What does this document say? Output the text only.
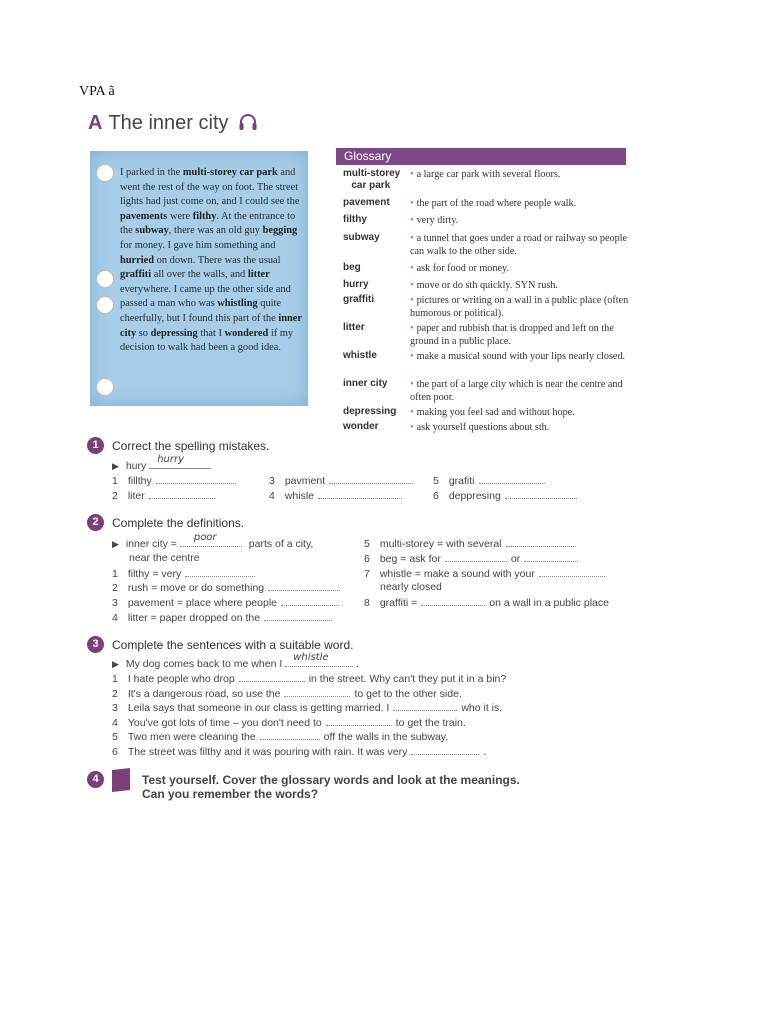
VPA ã
A The inner city
I parked in the multi-storey car park and went the rest of the way on foot. The street lights had just come on, and I could see the pavements were filthy. At the entrance to the subway, there was an old guy begging for money. I gave him something and hurried on down. There was the usual graffiti all over the walls, and litter everywhere. I came up the other side and passed a man who was whistling quite cheerfully, but I found this part of the inner city so depressing that I wondered if my decision to walk had been a good idea.
Glossary
multi-storey
car park
• a large car park with several floors.
pavement • the part of the road where people walk.
filthy	• very dirty.
subway	• a tunnel that goes under a road or railway so people can walk to the other side.
beg	• ask for food or money.
hurry	• move or do sth quickly. SYN rush.
graffiti	• pictures or writing on a wall in a public place (often humorous or political).
litter	• paper and rubbish that is dropped and left on the ground in a public place.
whistle	• make a musical sound with your lips nearly closed.
inner city • the part of a large city which is near the centre and often poor.
depressing • making you feel sad and without hope.
wonder	• ask yourself questions about sth.
1	Correct the spelling mistakes.
▶ hury
hurry
1 fillthy
2 liter
3 pavment
4 whisle
5 grafiti
6 deppresing
2	Complete the definitions.
▶ inner city =
poor
parts of a city,
near the centre
1 filthy = very
2 rush = move or do something
3 pavement = place where people
4 litter = paper dropped on the
5 multi-storey = with several
6 beg = ask for	or
7 whistle = make a sound with your
nearly closed
8 graffiti =	on a wall in a public place
3	Complete the sentences with a suitable word.
▶ My dog comes back to me when I
whistle
.
1 I hate people who drop	in the street. Why can't they put it in a bin?
2 It's a dangerous road, so use the	to get to the other side.
3 Leila says that someone in our class is getting married. I	who it is.
4 You've got lots of time – you don't need to	to get the train.
5 Two men were cleaning the	off the walls in the subway.
6 The street was filthy and it was pouring with rain. It was very	.
4	Test yourself. Cover the glossary words and look at the meanings.
Can you remember the words?
